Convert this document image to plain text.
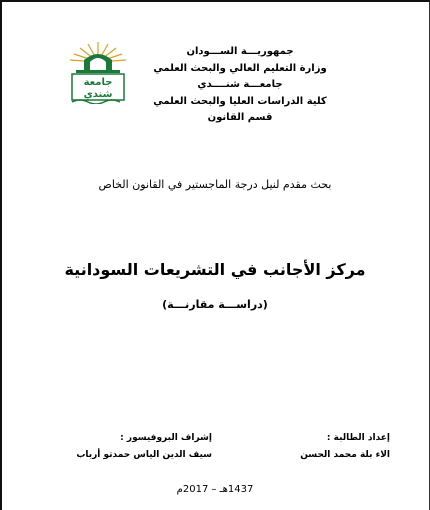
جامعة
شندي
جمهوريـــة الســـودان
وزارة التعليم العالي والبحث العلمي
جامعـــة شنــــدي
كلية الدراسات العليا والبحث العلمي
قسم القانون
بحث مقدم لنيل درجة الماجستير في القانون الخاص
مركز الأجانب في التشريعات السودانية
(دراســـة مقارنـــة)
إعداد الطالبة :
الاء بلة محمد الحسن
إشراف البروفيسور :
سيف الدين الياس حمدتو أرباب
1437هـ – 2017م
